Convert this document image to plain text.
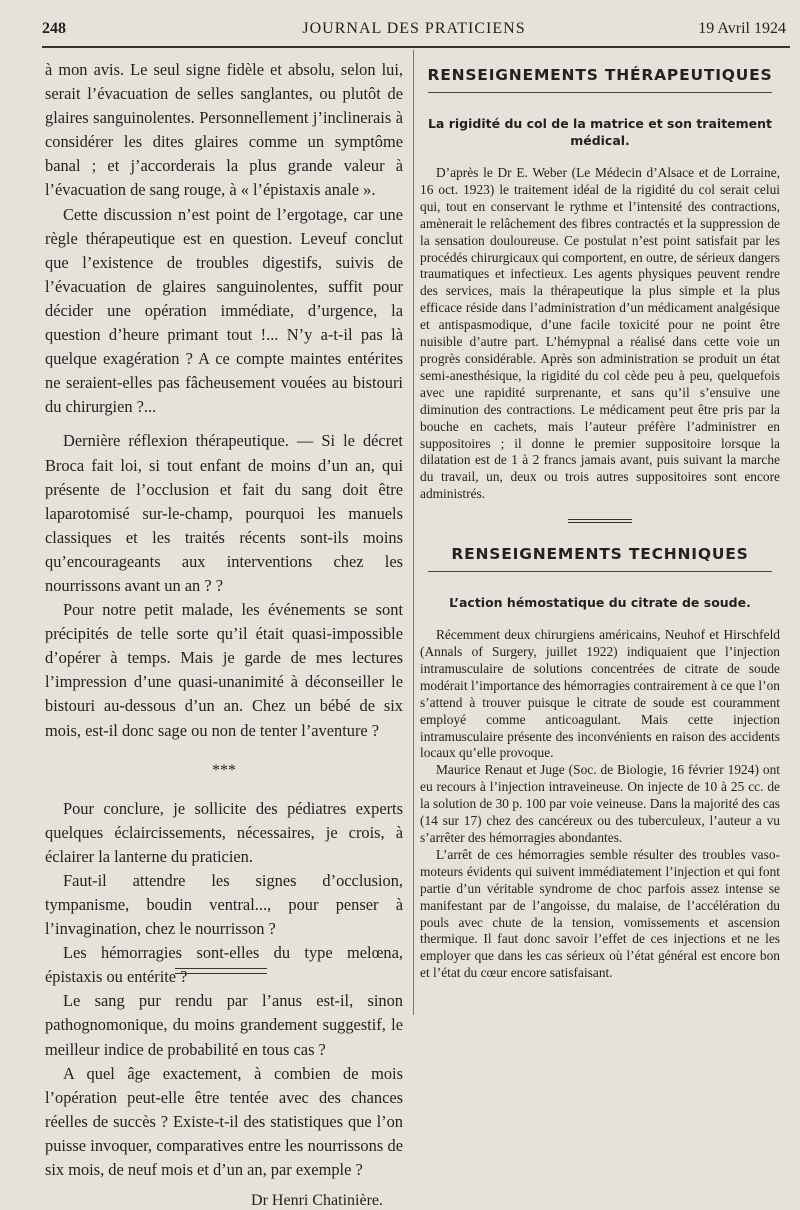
248	JOURNAL DES PRATICIENS	19 Avril 1924

à mon avis. Le seul signe fidèle et absolu, selon lui, serait l’évacuation de selles sanglantes, ou plutôt de glaires sanguinolentes. Personnellement j’inclinerais à considérer les dites glaires comme un symptôme banal ; et j’accorderais la plus grande valeur à l’évacuation de sang rouge, à « l’épistaxis anale ».

Cette discussion n’est point de l’ergotage, car une règle thérapeutique est en question. Leveuf conclut que l’existence de troubles digestifs, suivis de l’évacuation de glaires sanguinolentes, suffit pour décider une opération immédiate, d’urgence, la question d’heure primant tout !... N’y a-t-il pas là quelque exagération ? A ce compte maintes entérites ne seraient-elles pas fâcheusement vouées au bistouri du chirurgien ?...

Dernière réflexion thérapeutique. — Si le décret Broca fait loi, si tout enfant de moins d’un an, qui présente de l’occlusion et fait du sang doit être laparotomisé sur-le-champ, pourquoi les manuels classiques et les traités récents sont-ils moins qu’encourageants aux interventions chez les nourrissons avant un an ? ?

Pour notre petit malade, les événements se sont précipités de telle sorte qu’il était quasi-impossible d’opérer à temps. Mais je garde de mes lectures l’impression d’une quasi-unanimité à déconseiller le bistouri au-dessous d’un an. Chez un bébé de six mois, est-il donc sage ou non de tenter l’aventure ?

***

Pour conclure, je sollicite des pédiatres experts quelques éclaircissements, nécessaires, je crois, à éclairer la lanterne du praticien.

Faut-il attendre les signes d’occlusion, tympanisme, boudin ventral..., pour penser à l’invagination, chez le nourrisson ?

Les hémorragies sont-elles du type melœna, épistaxis ou entérite ?

Le sang pur rendu par l’anus est-il, sinon pathognomonique, du moins grandement suggestif, le meilleur indice de probabilité en tous cas ?

A quel âge exactement, à combien de mois l’opération peut-elle être tentée avec des chances réelles de succès ? Existe-t-il des statistiques que l’on puisse invoquer, comparatives entre les nourrissons de six mois, de neuf mois et d’un an, par exemple ?

Dr Henri Chatinière.
RENSEIGNEMENTS THÉRAPEUTIQUES
La rigidité du col de la matrice et son traitement médical.

D’après le Dr E. Weber (Le Médecin d’Alsace et de Lorraine, 16 oct. 1923) le traitement idéal de la rigidité du col serait celui qui, tout en conservant le rythme et l’intensité des contractions, amènerait le relâchement des fibres contractés et la suppression de la sensation douloureuse. Ce postulat n’est point satisfait par les procédés chirurgicaux qui comportent, en outre, de sérieux dangers traumatiques et infectieux. Les agents physiques peuvent rendre des services, mais la thérapeutique la plus simple et la plus efficace réside dans l’administration d’un médicament analgésique et antispasmodique, d’une facile toxicité pour ne point être nuisible d’autre part. L’hémypnal a réalisé dans cette voie un progrès considérable. Après son administration se produit un état semi-anesthésique, la rigidité du col cède peu à peu, quelquefois avec une rapidité surprenante, et sans qu’il s’ensuive une diminution des contractions. Le médicament peut être pris par la bouche en cachets, mais l’auteur préfère l’administrer en suppositoires ; il donne le premier suppositoire lorsque la dilatation est de 1 à 2 francs jamais avant, puis suivant la marche du travail, un, deux ou trois autres suppositoires sont encore administrés.

RENSEIGNEMENTS TECHNIQUES
L’action hémostatique du citrate de soude.

Récemment deux chirurgiens américains, Neuhof et Hirschfeld (Annals of Surgery, juillet 1922) indiquaient que l’injection intramusculaire de solutions concentrées de citrate de soude modérait l’importance des hémorragies contrairement à ce que l’on s’attend à trouver puisque le citrate de soude est couramment employé comme anticoagulant. Mais cette injection intramusculaire présente des inconvénients en raison des accidents locaux qu’elle provoque.

Maurice Renaut et Juge (Soc. de Biologie, 16 février 1924) ont eu recours à l’injection intraveineuse. On injecte de 10 à 25 cc. de la solution de 30 p. 100 par voie veineuse. Dans la majorité des cas (14 sur 17) chez des cancéreux ou des tuberculeux, l’auteur a vu s’arrêter des hémorragies abondantes.

L’arrêt de ces hémorragies semble résulter des troubles vaso-moteurs évidents qui suivent immédiatement l’injection et qui font partie d’un véritable syndrome de choc parfois assez intense se manifestant par de l’angoisse, du malaise, de l’accélération du pouls avec chute de la tension, vomissements et ascension thermique. Il faut donc savoir l’effet de ces injections et ne les employer que dans les cas sérieux où l’état général est encore bon et l’état du cœur encore satisfaisant.
